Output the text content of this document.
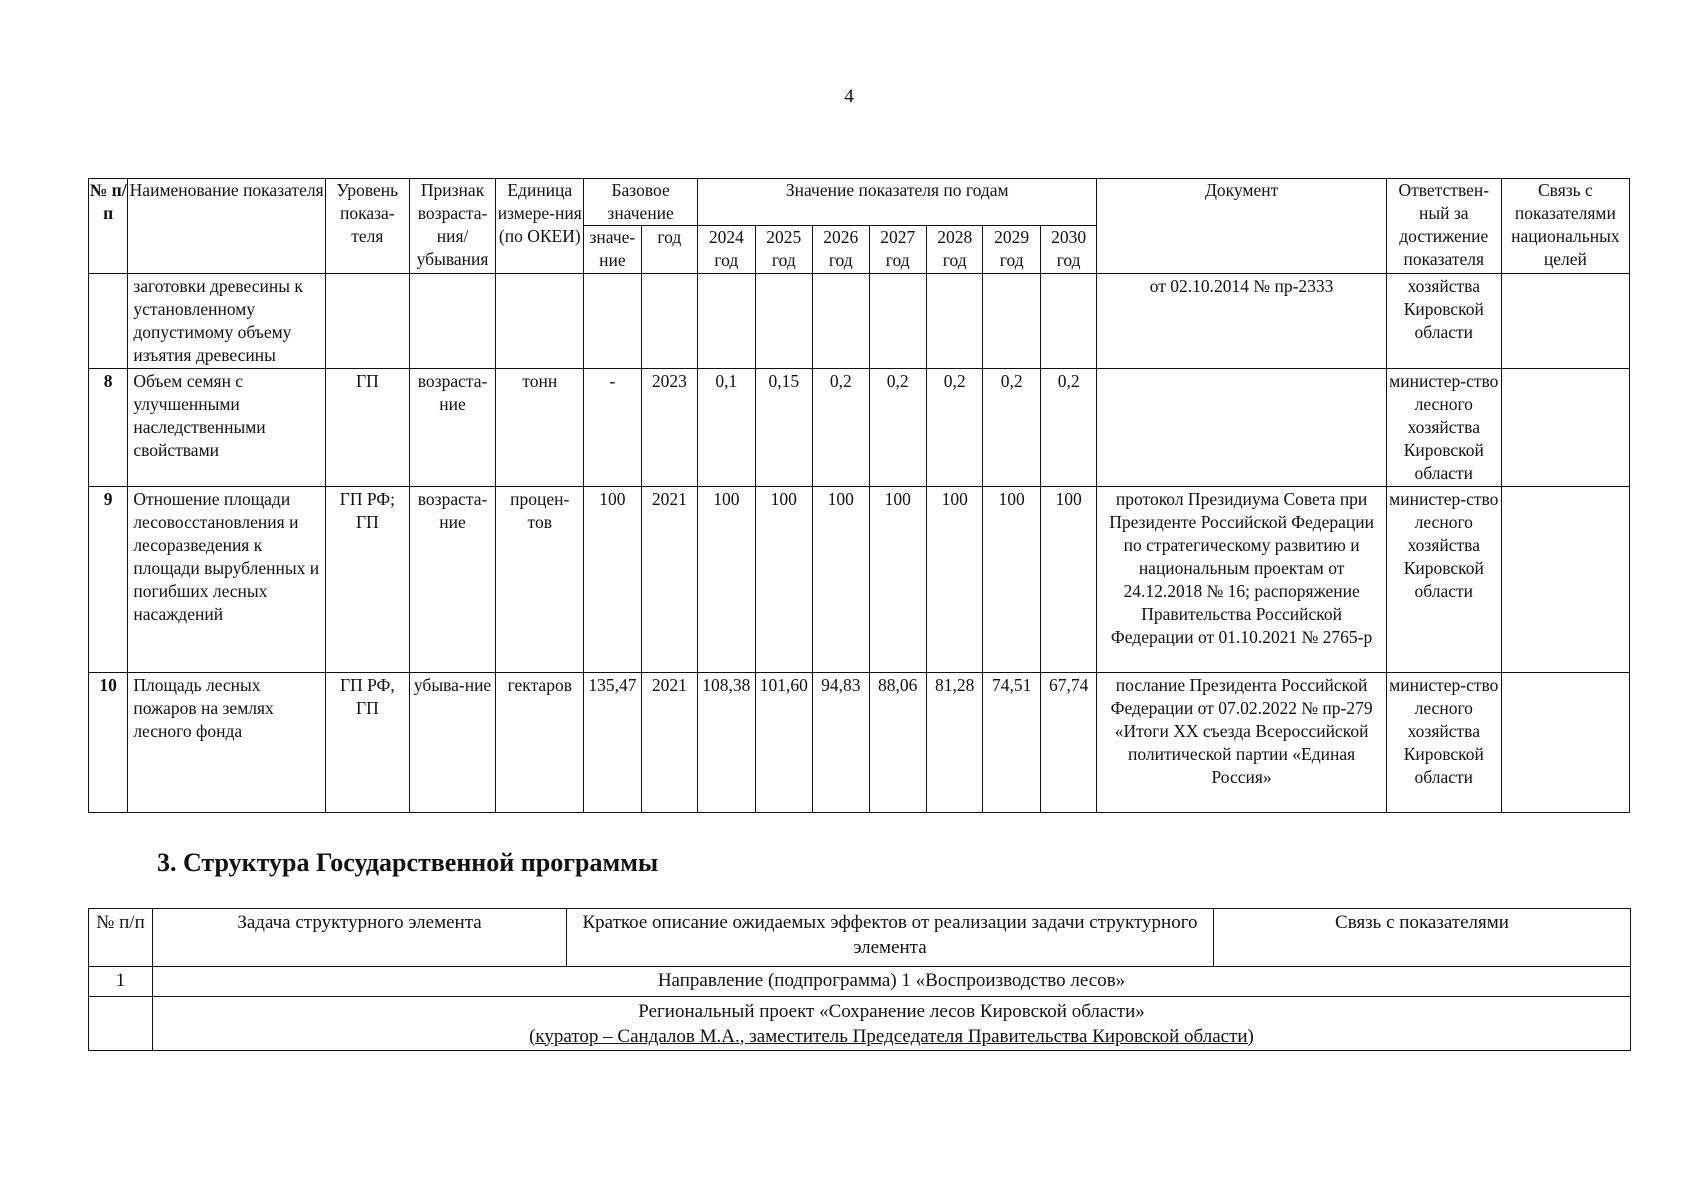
4
№ п/п	Наименование показателя	Уровень показа-теля	Признак возраста-ния/ убывания	Единица измере-ния (по ОКЕИ)	Базовое значение		Значение показателя по годам							Документ	Ответствен-ный за достижение показателя	Связь с показателями национальных целей
					значе-ние	год	2024 год	2025 год	2026 год	2027 год	2028 год	2029 год	2030 год			
	заготовки древесины к установленному допустимому объему изъятия древесины													от 02.10.2014 № пр-2333	хозяйства Кировской области	
8	Объем семян с улучшенными наследственными свойствами	ГП	возраста-ние	тонн	-	2023	0,1	0,15	0,2	0,2	0,2	0,2	0,2		министер-ство лесного хозяйства Кировской области	
9	Отношение площади лесовосстановления и лесоразведения к площади вырубленных и погибших лесных насаждений	ГП РФ; ГП	возраста-ние	процен-тов	100	2021	100	100	100	100	100	100	100	протокол Президиума Совета при Президенте Российской Федерации по стратегическому развитию и национальным проектам от 24.12.2018 № 16; распоряжение Правительства Российской Федерации от 01.10.2021 № 2765-р	министер-ство лесного хозяйства Кировской области	
10	Площадь лесных пожаров на землях лесного фонда	ГП РФ, ГП	убыва-ние	гектаров	135,47	2021	108,38	101,60	94,83	88,06	81,28	74,51	67,74	послание Президента Российской Федерации от 07.02.2022 № пр-279 «Итоги XX съезда Всероссийской политической партии «Единая Россия»	министер-ство лесного хозяйства Кировской области	
3. Структура Государственной программы
№ п/п	Задача структурного элемента	Краткое описание ожидаемых эффектов от реализации задачи структурного элемента	Связь с показателями
1	Направление (подпрограмма) 1 «Воспроизводство лесов»		

	Региональный проект «Сохранение лесов Кировской области»
(куратор – Сандалов М.А., заместитель Председателя Правительства Кировской области)		
